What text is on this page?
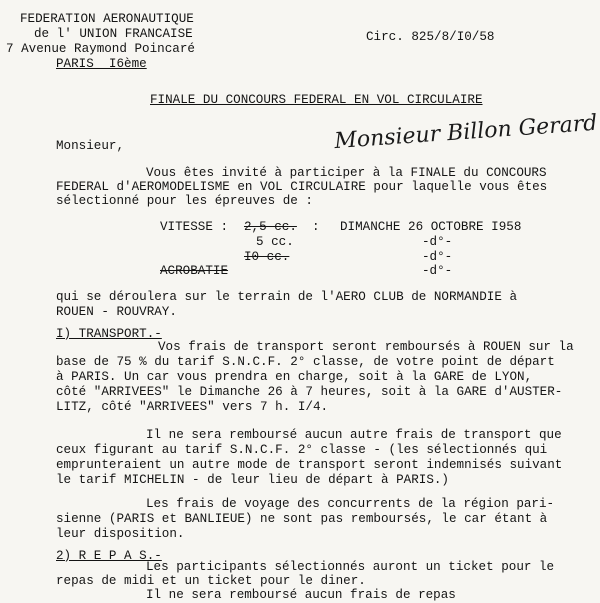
FEDERATION AERONAUTIQUE
de l' UNION FRANCAISE
7 Avenue Raymond Poincaré
PARIS  I6ème
Circ. 825/8/I0/58
FINALE DU CONCOURS FEDERAL EN VOL CIRCULAIRE
Monsieur,	Monsieur Billon Gerard
Vous êtes invité à participer à la FINALE du CONCOURS
FEDERAL d'AEROMODELISME en VOL CIRCULAIRE pour laquelle vous êtes
sélectionné pour les épreuves de :
VITESSE : 2,5 cc. : DIMANCHE 26 OCTOBRE I958
5 cc.	-d°-
I0 cc.	-d°-
ACROBATIE	-d°-
qui se déroulera sur le terrain de l'AERO CLUB de NORMANDIE à
ROUEN - ROUVRAY.
I) TRANSPORT.-
Vos frais de transport seront remboursés à ROUEN sur la
base de 75 % du tarif S.N.C.F. 2° classe, de votre point de départ
à PARIS. Un car vous prendra en charge, soit à la GARE de LYON,
côté "ARRIVEES" le Dimanche 26 à 7 heures, soit à la GARE d'AUSTER-
LITZ, côté "ARRIVEES" vers 7 h. I/4.
Il ne sera remboursé aucun autre frais de transport que
ceux figurant au tarif S.N.C.F. 2° classe - (les sélectionnés qui
emprunteraient un autre mode de transport seront indemnisés suivant
le tarif MICHELIN - de leur lieu de départ à PARIS.)
Les frais de voyage des concurrents de la région pari-
sienne (PARIS et BANLIEUE) ne sont pas remboursés, le car étant à
leur disposition.
2) R E P A S.-
Les participants sélectionnés auront un ticket pour le
repas de midi et un ticket pour le diner.
Il ne sera remboursé aucun frais de repas
